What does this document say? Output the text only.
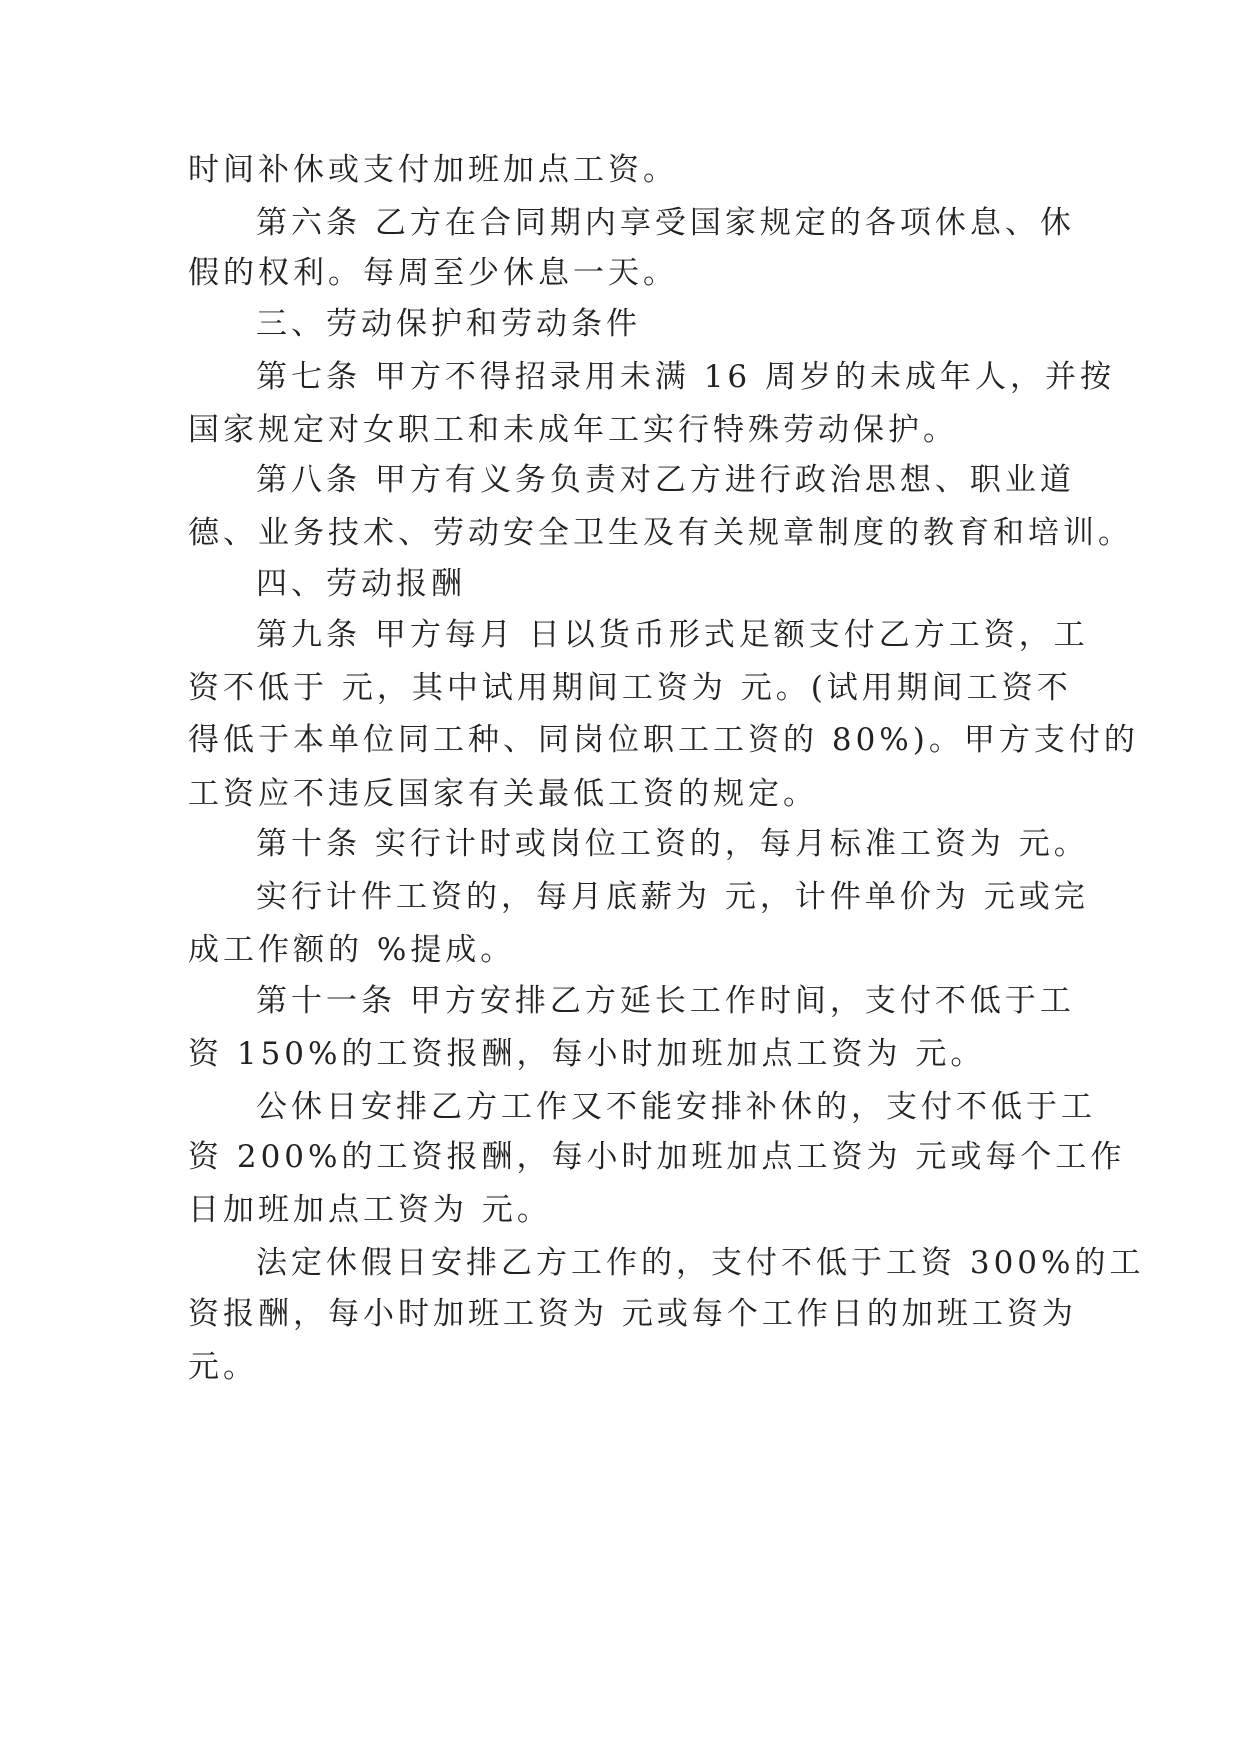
时间补休或支付加班加点工资。
第六条 乙方在合同期内享受国家规定的各项休息、休
假的权利。每周至少休息一天。
三、劳动保护和劳动条件
第七条 甲方不得招录用未满 16 周岁的未成年人，并按
国家规定对女职工和未成年工实行特殊劳动保护。
第八条 甲方有义务负责对乙方进行政治思想、职业道
德、业务技术、劳动安全卫生及有关规章制度的教育和培训。
四、劳动报酬
第九条 甲方每月 日以货币形式足额支付乙方工资，工
资不低于 元，其中试用期间工资为 元。(试用期间工资不
得低于本单位同工种、同岗位职工工资的 80%)。甲方支付的
工资应不违反国家有关最低工资的规定。
第十条 实行计时或岗位工资的，每月标准工资为 元。
实行计件工资的，每月底薪为 元，计件单价为 元或完
成工作额的 %提成。
第十一条 甲方安排乙方延长工作时间，支付不低于工
资 150%的工资报酬，每小时加班加点工资为 元。
公休日安排乙方工作又不能安排补休的，支付不低于工
资 200%的工资报酬，每小时加班加点工资为 元或每个工作
日加班加点工资为 元。
法定休假日安排乙方工作的，支付不低于工资 300%的工
资报酬，每小时加班工资为 元或每个工作日的加班工资为
元。
